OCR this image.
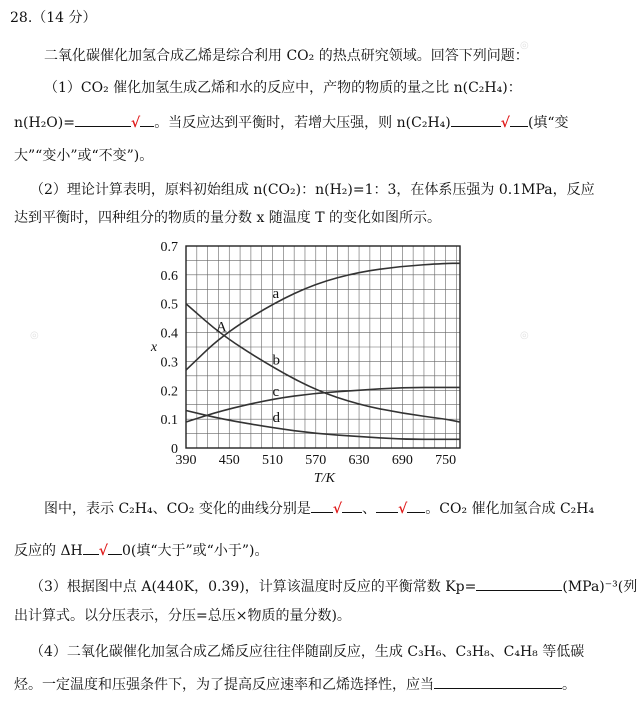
◎
◎
◎
28.（14 分）
二氧化碳催化加氢合成乙烯是综合利用 CO₂ 的热点研究领域。回答下列问题：
（1）CO₂ 催化加氢生成乙烯和水的反应中，产物的物质的量之比 n(C₂H₄)：
n(H₂O)=	√ 。当反应达到平衡时，若增大压强，则 n(C₂H₄)	√ (填“变
大”“变小”或“不变”)。
（2）理论计算表明，原料初始组成 n(CO₂)：n(H₂)=1：3，在体系压强为 0.1MPa，反应
达到平衡时，四种组分的物质的量分数 x 随温度 T 的变化如图所示。
390 450 510 570 630 690 750
0
0.1
0.2
0.3
0.4
0.5
0.6
0.7
T/K
x
a
b
c
d
A
图中，表示 C₂H₄、CO₂ 变化的曲线分别是 √ 、 √ 。CO₂ 催化加氢合成 C₂H₄
反应的 ΔH √ 0(填“大于”或“小于”)。
（3）根据图中点 A(440K，0.39)，计算该温度时反应的平衡常数 Kp=	(MPa)⁻³(列
出计算式。以分压表示，分压=总压×物质的量分数)。
（4）二氧化碳催化加氢合成乙烯反应往往伴随副反应，生成 C₃H₆、C₃H₈、C₄H₈ 等低碳
烃。一定温度和压强条件下，为了提高反应速率和乙烯选择性，应当	。
